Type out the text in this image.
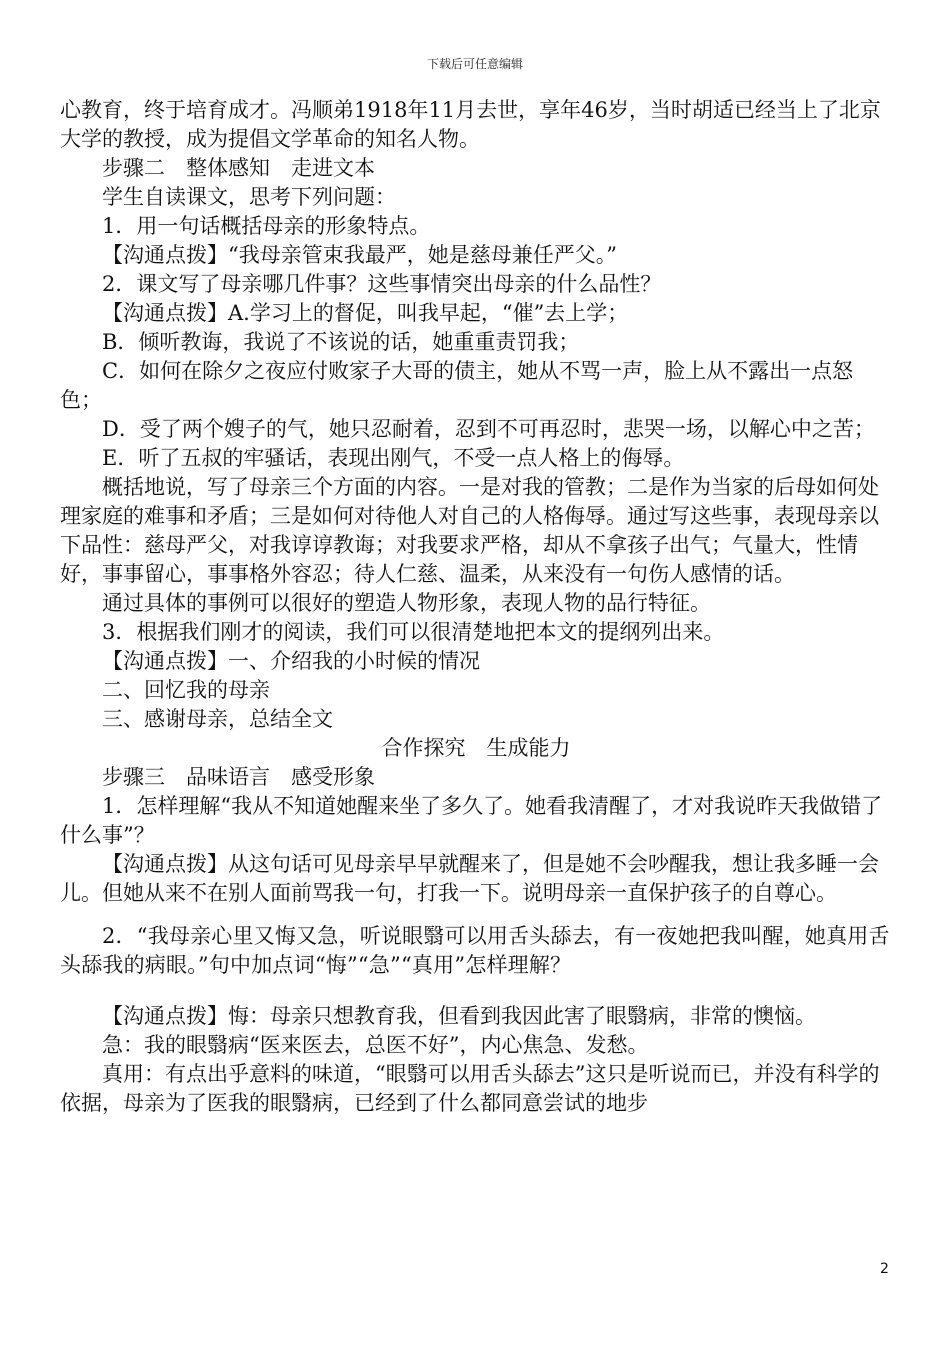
下载后可任意编辑

心教育，终于培育成才。冯顺弟1918年11月去世，享年46岁，当时胡适已经当上了北京大学的教授，成为提倡文学革命的知名人物。

步骤二　整体感知　走进文本

学生自读课文，思考下列问题：

1．用一句话概括母亲的形象特点。

【沟通点拨】“我母亲管束我最严，她是慈母兼任严父。”

2．课文写了母亲哪几件事？这些事情突出母亲的什么品性？

【沟通点拨】A.学习上的督促，叫我早起，“催”去上学；

B．倾听教诲，我说了不该说的话，她重重责罚我；

C．如何在除夕之夜应付败家子大哥的债主，她从不骂一声，脸上从不露出一点怒色；

D．受了两个嫂子的气，她只忍耐着，忍到不可再忍时，悲哭一场，以解心中之苦；

E．听了五叔的牢骚话，表现出刚气，不受一点人格上的侮辱。

概括地说，写了母亲三个方面的内容。一是对我的管教；二是作为当家的后母如何处理家庭的难事和矛盾；三是如何对待他人对自己的人格侮辱。通过写这些事，表现母亲以下品性：慈母严父，对我谆谆教诲；对我要求严格，却从不拿孩子出气；气量大，性情好，事事留心，事事格外容忍；待人仁慈、温柔，从来没有一句伤人感情的话。

通过具体的事例可以很好的塑造人物形象，表现人物的品行特征。

3．根据我们刚才的阅读，我们可以很清楚地把本文的提纲列出来。

【沟通点拨】一、介绍我的小时候的情况

二、回忆我的母亲

三、感谢母亲，总结全文

合作探究　生成能力

步骤三　品味语言　感受形象

1．怎样理解“我从不知道她醒来坐了多久了。她看我清醒了，才对我说昨天我做错了什么事”？

【沟通点拨】从这句话可见母亲早早就醒来了，但是她不会吵醒我，想让我多睡一会儿。但她从来不在别人面前骂我一句，打我一下。说明母亲一直保护孩子的自尊心。

2．“我母亲心里又悔又急，听说眼翳可以用舌头舔去，有一夜她把我叫醒，她真用舌头舔我的病眼。”句中加点词“悔”“急”“真用”怎样理解？

【沟通点拨】悔：母亲只想教育我，但看到我因此害了眼翳病，非常的懊恼。

急：我的眼翳病“医来医去，总医不好”，内心焦急、发愁。

真用：有点出乎意料的味道，“眼翳可以用舌头舔去”这只是听说而已，并没有科学的依据，母亲为了医我的眼翳病，已经到了什么都同意尝试的地步

2
